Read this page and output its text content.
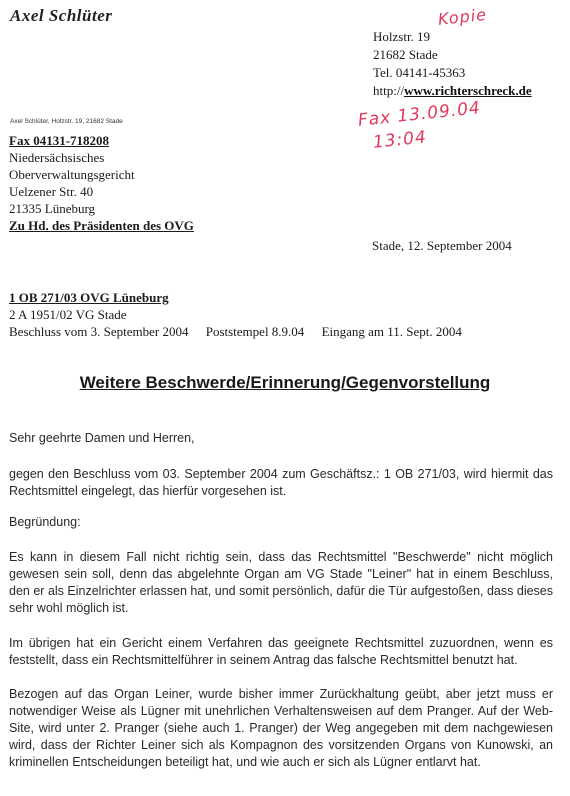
Axel Schlüter
Holzstr. 19
21682 Stade
Tel. 04141-45363
http://www.richterschreck.de
Kopie
Fax 13.09.04
13:04
Axel Schlüter, Holzstr. 19, 21682 Stade
Fax 04131-718208
Niedersächsisches
Oberverwaltungsgericht
Uelzener Str. 40
21335 Lüneburg
Zu Hd. des Präsidenten des OVG
Stade, 12. September 2004
1 OB 271/03 OVG Lüneburg
2 A 1951/02 VG Stade
Beschluss vom 3. September 2004 Poststempel 8.9.04 Eingang am 11. Sept. 2004
Weitere Beschwerde/Erinnerung/Gegenvorstellung
Sehr geehrte Damen und Herren,
gegen den Beschluss vom 03. September 2004 zum Geschäftsz.: 1 OB 271/03, wird hiermit das Rechtsmittel eingelegt, das hierfür vorgesehen ist.
Begründung:
Es kann in diesem Fall nicht richtig sein, dass das Rechtsmittel "Beschwerde" nicht möglich gewesen sein soll, denn das abgelehnte Organ am VG Stade "Leiner" hat in einem Beschluss, den er als Einzelrichter erlassen hat, und somit persönlich, dafür die Tür aufgestoßen, dass dieses sehr wohl möglich ist.
Im übrigen hat ein Gericht einem Verfahren das geeignete Rechtsmittel zuzuordnen, wenn es feststellt, dass ein Rechtsmittelführer in seinem Antrag das falsche Rechtsmittel benutzt hat.
Bezogen auf das Organ Leiner, wurde bisher immer Zurückhaltung geübt, aber jetzt muss er notwendiger Weise als Lügner mit unehrlichen Verhaltensweisen auf dem Pranger. Auf der Web-Site, wird unter 2. Pranger (siehe auch 1. Pranger) der Weg angegeben mit dem nachgewiesen wird, dass der Richter Leiner sich als Kompagnon des vorsitzenden Organs von Kunowski, an kriminellen Entscheidungen beteiligt hat, und wie auch er sich als Lügner entlarvt hat.
